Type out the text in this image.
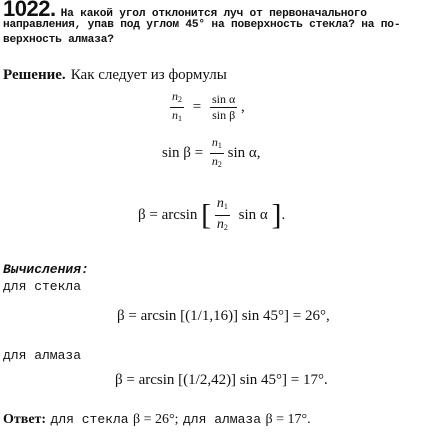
1022. На какой угол отклонится луч от первоначального
направления, упав под углом 45° на поверхность стекла? на по-
верхность алмаза?
Решение. Как следует из формулы
$\frac{n_2}{n_1} = \frac{\text{sin α}}{\text{sin β}}$ ,
$\sin \beta = \frac{n_1}{n_2}$ sin α,
β = arcsin [ $\frac{n_1}{n_2}$ sin α ].
Вычисления:
для стекла
β = arcsin [(1/1,16)] sin 45°] = 26°,
для алмаза
β = arcsin [(1/2,42)] sin 45°] = 17°.
Ответ: для стекла β = 26°; для алмаза β = 17°.
